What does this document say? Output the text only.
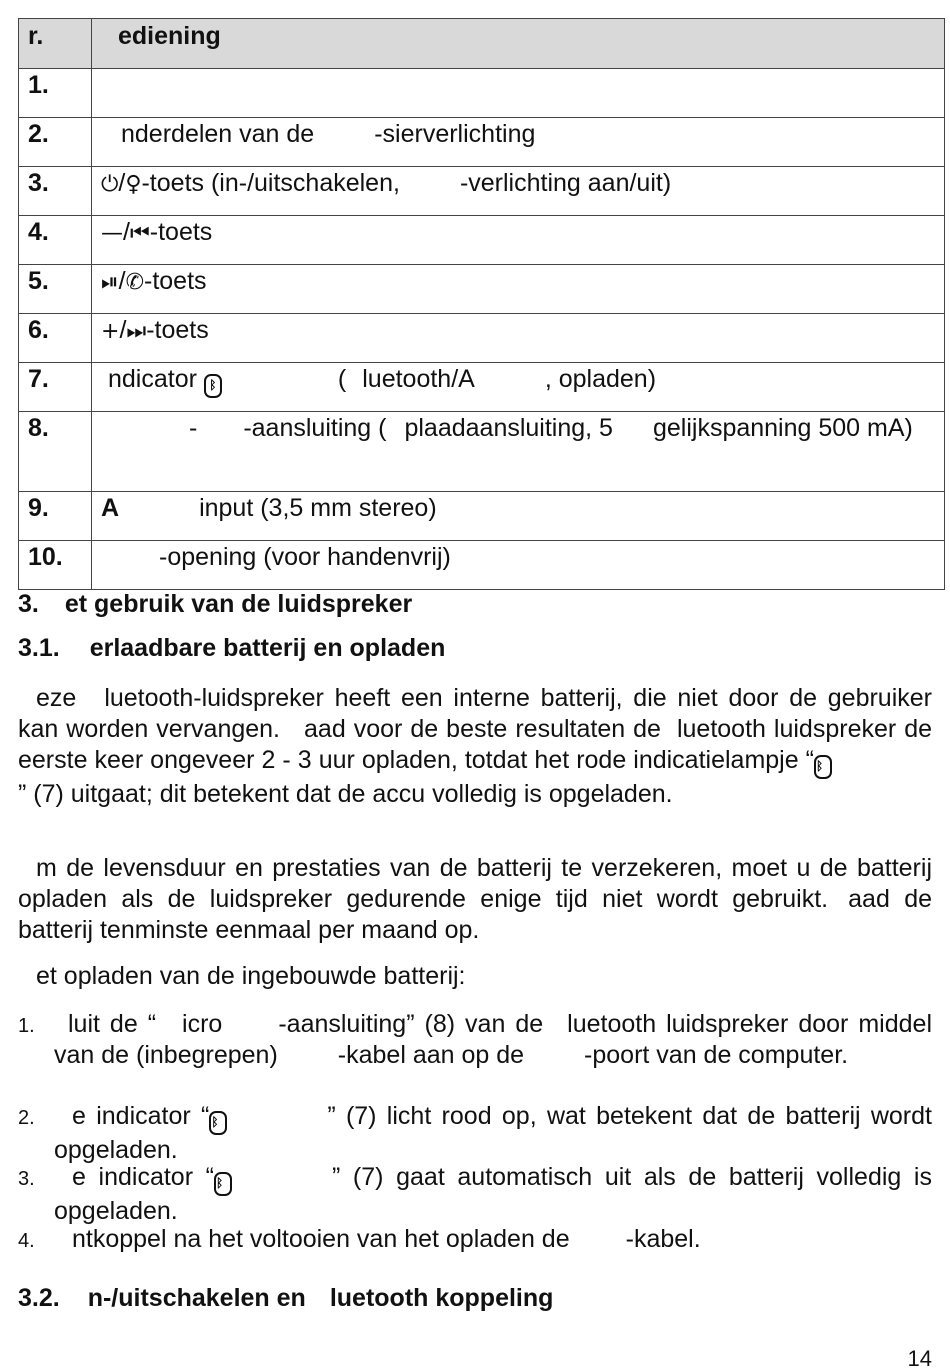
r.	ediening
1.	
2.	nderdelen van de -sierverlichting
3.	⏻/♀-toets (in-/uitschakelen, -verlichting aan/uit)
4.	—/⏮-toets
5.	⏯/✆-toets
6.	+/⏭-toets
7.	ndicator ᛒ ( luetooth/A , opladen)
8.	- -aansluiting ( plaadaansluiting, 5 gelijkspanning 500 mA)
9.	A input (3,5 mm stereo)
10.	-opening (voor handenvrij)
3. et gebruik van de luidspreker
3.1. erlaadbare batterij en opladen
eze luetooth-luidspreker heeft een interne batterij, die niet door de gebruiker kan worden vervangen. aad voor de beste resultaten de luetooth luidspreker de eerste keer ongeveer 2 - 3 uur opladen, totdat het rode indicatielampje “ ᛒ” (7) uitgaat; dit betekent dat de accu volledig is opgeladen.
m de levensduur en prestaties van de batterij te verzekeren, moet u de batterij opladen als de luidspreker gedurende enige tijd niet wordt gebruikt. aad de batterij tenminste eenmaal per maand op.
et opladen van de ingebouwde batterij:
1.	luit de “ icro -aansluiting” (8) van de luetooth luidspreker door middel van de (inbegrepen) -kabel aan op de -poort van de computer.
2.	e indicator “ ᛒ	” (7) licht rood op, wat betekent dat de batterij wordt opgeladen.
3.	e indicator “ ᛒ	” (7) gaat automatisch uit als de batterij volledig is opgeladen.
4.	ntkoppel na het voltooien van het opladen de -kabel.
3.2. n-/uitschakelen en luetooth koppeling
14
